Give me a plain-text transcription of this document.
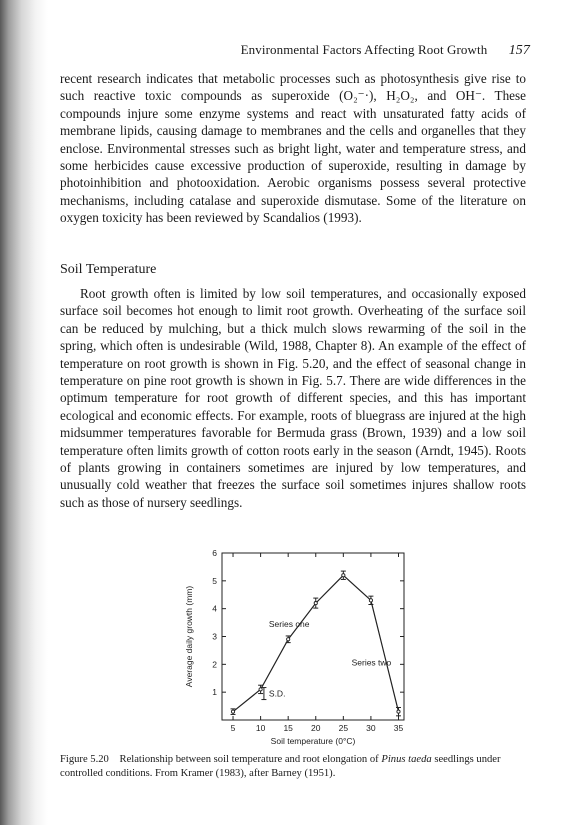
Environmental Factors Affecting Root Growth 157

recent research indicates that metabolic processes such as photosynthesis give rise to such reactive toxic compounds as superoxide (O₂⁻·), H₂O₂, and OH⁻. These compounds injure some enzyme systems and react with unsaturated fatty acids of membrane lipids, causing damage to membranes and the cells and organelles that they enclose. Environmental stresses such as bright light, water and temperature stress, and some herbicides cause excessive production of superoxide, resulting in damage by photoinhibition and photooxidation. Aerobic organisms possess several protective mechanisms, including catalase and superoxide dismutase. Some of the literature on oxygen toxicity has been reviewed by Scandalios (1993).

Soil Temperature

Root growth often is limited by low soil temperatures, and occasionally exposed surface soil becomes hot enough to limit root growth. Overheating of the surface soil can be reduced by mulching, but a thick mulch slows rewarming of the soil in the spring, which often is undesirable (Wild, 1988, Chapter 8). An example of the effect of temperature on root growth is shown in Fig. 5.20, and the effect of seasonal change in temperature on pine root growth is shown in Fig. 5.7. There are wide differences in the optimum temperature for root growth of different species, and this has important ecological and economic effects. For example, roots of bluegrass are injured at the high midsummer temperatures favorable for Bermuda grass (Brown, 1939) and a low soil temperature often limits growth of cotton roots early in the season (Arndt, 1945). Roots of plants growing in containers sometimes are injured by low temperatures, and unusually cold weather that freezes the surface soil sometimes injures shallow roots such as those of nursery seedlings.

5 10 15 20 25 30 35
1
2
3
4
5
6
Series one
Series two
S.D.
Soil temperature (0°C)
Average daily growth (mm)

Figure 5.20 Relationship between soil temperature and root elongation of Pinus taeda seedlings under controlled conditions. From Kramer (1983), after Barney (1951).
